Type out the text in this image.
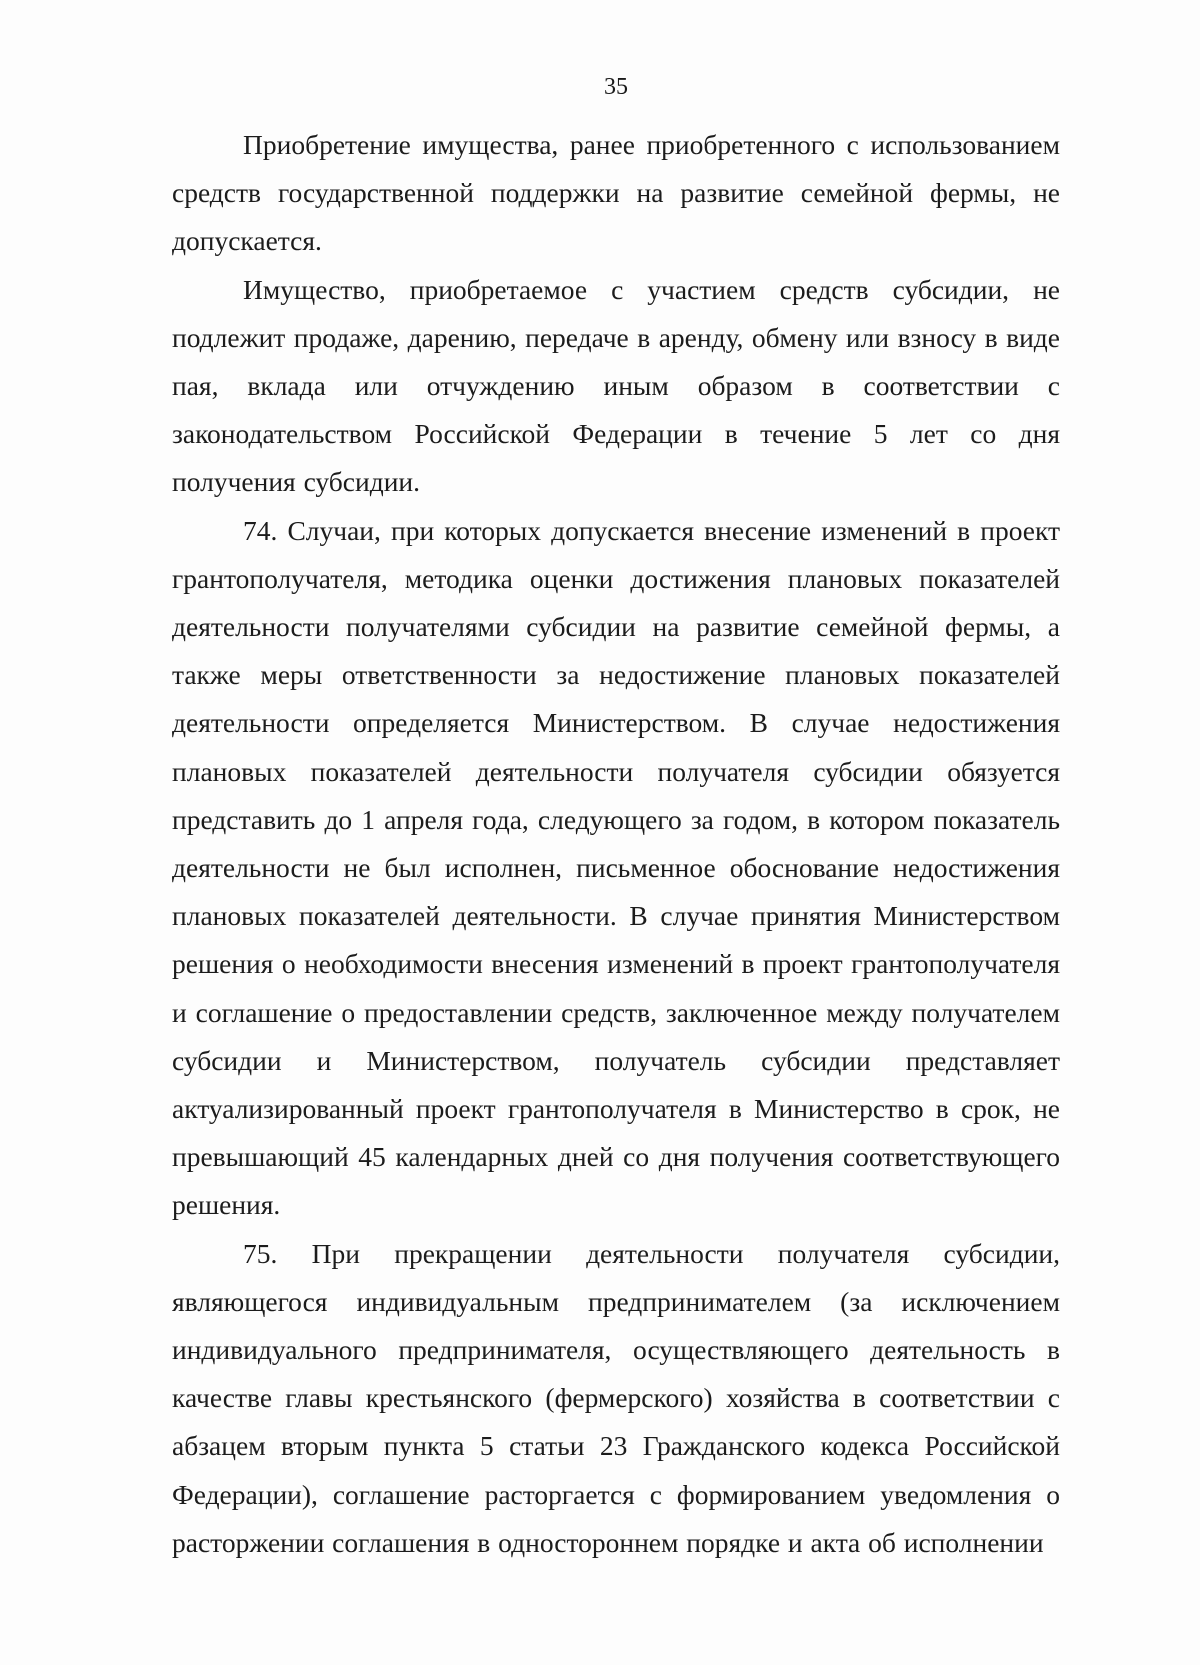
35

Приобретение имущества, ранее приобретенного с использованием средств государственной поддержки на развитие семейной фермы, не допускается.

Имущество, приобретаемое с участием средств субсидии, не подлежит продаже, дарению, передаче в аренду, обмену или взносу в виде пая, вклада или отчуждению иным образом в соответствии с законодательством Российской Федерации в течение 5 лет со дня получения субсидии.

74. Случаи, при которых допускается внесение изменений в проект грантополучателя, методика оценки достижения плановых показателей деятельности получателями субсидии на развитие семейной фермы, а также меры ответственности за недостижение плановых показателей деятельности определяется Министерством. В случае недостижения плановых показателей деятельности получателя субсидии обязуется представить до 1 апреля года, следующего за годом, в котором показатель деятельности не был исполнен, письменное обоснование недостижения плановых показателей деятельности. В случае принятия Министерством решения о необходимости внесения изменений в проект грантополучателя и соглашение о предоставлении средств, заключенное между получателем субсидии и Министерством, получатель субсидии представляет актуализированный проект грантополучателя в Министерство в срок, не превышающий 45 календарных дней со дня получения соответствующего решения.

75. При прекращении деятельности получателя субсидии, являющегося индивидуальным предпринимателем (за исключением индивидуального предпринимателя, осуществляющего деятельность в качестве главы крестьянского (фермерского) хозяйства в соответствии с абзацем вторым пункта 5 статьи 23 Гражданского кодекса Российской Федерации), соглашение расторгается с формированием уведомления о расторжении соглашения в одностороннем порядке и акта об исполнении
